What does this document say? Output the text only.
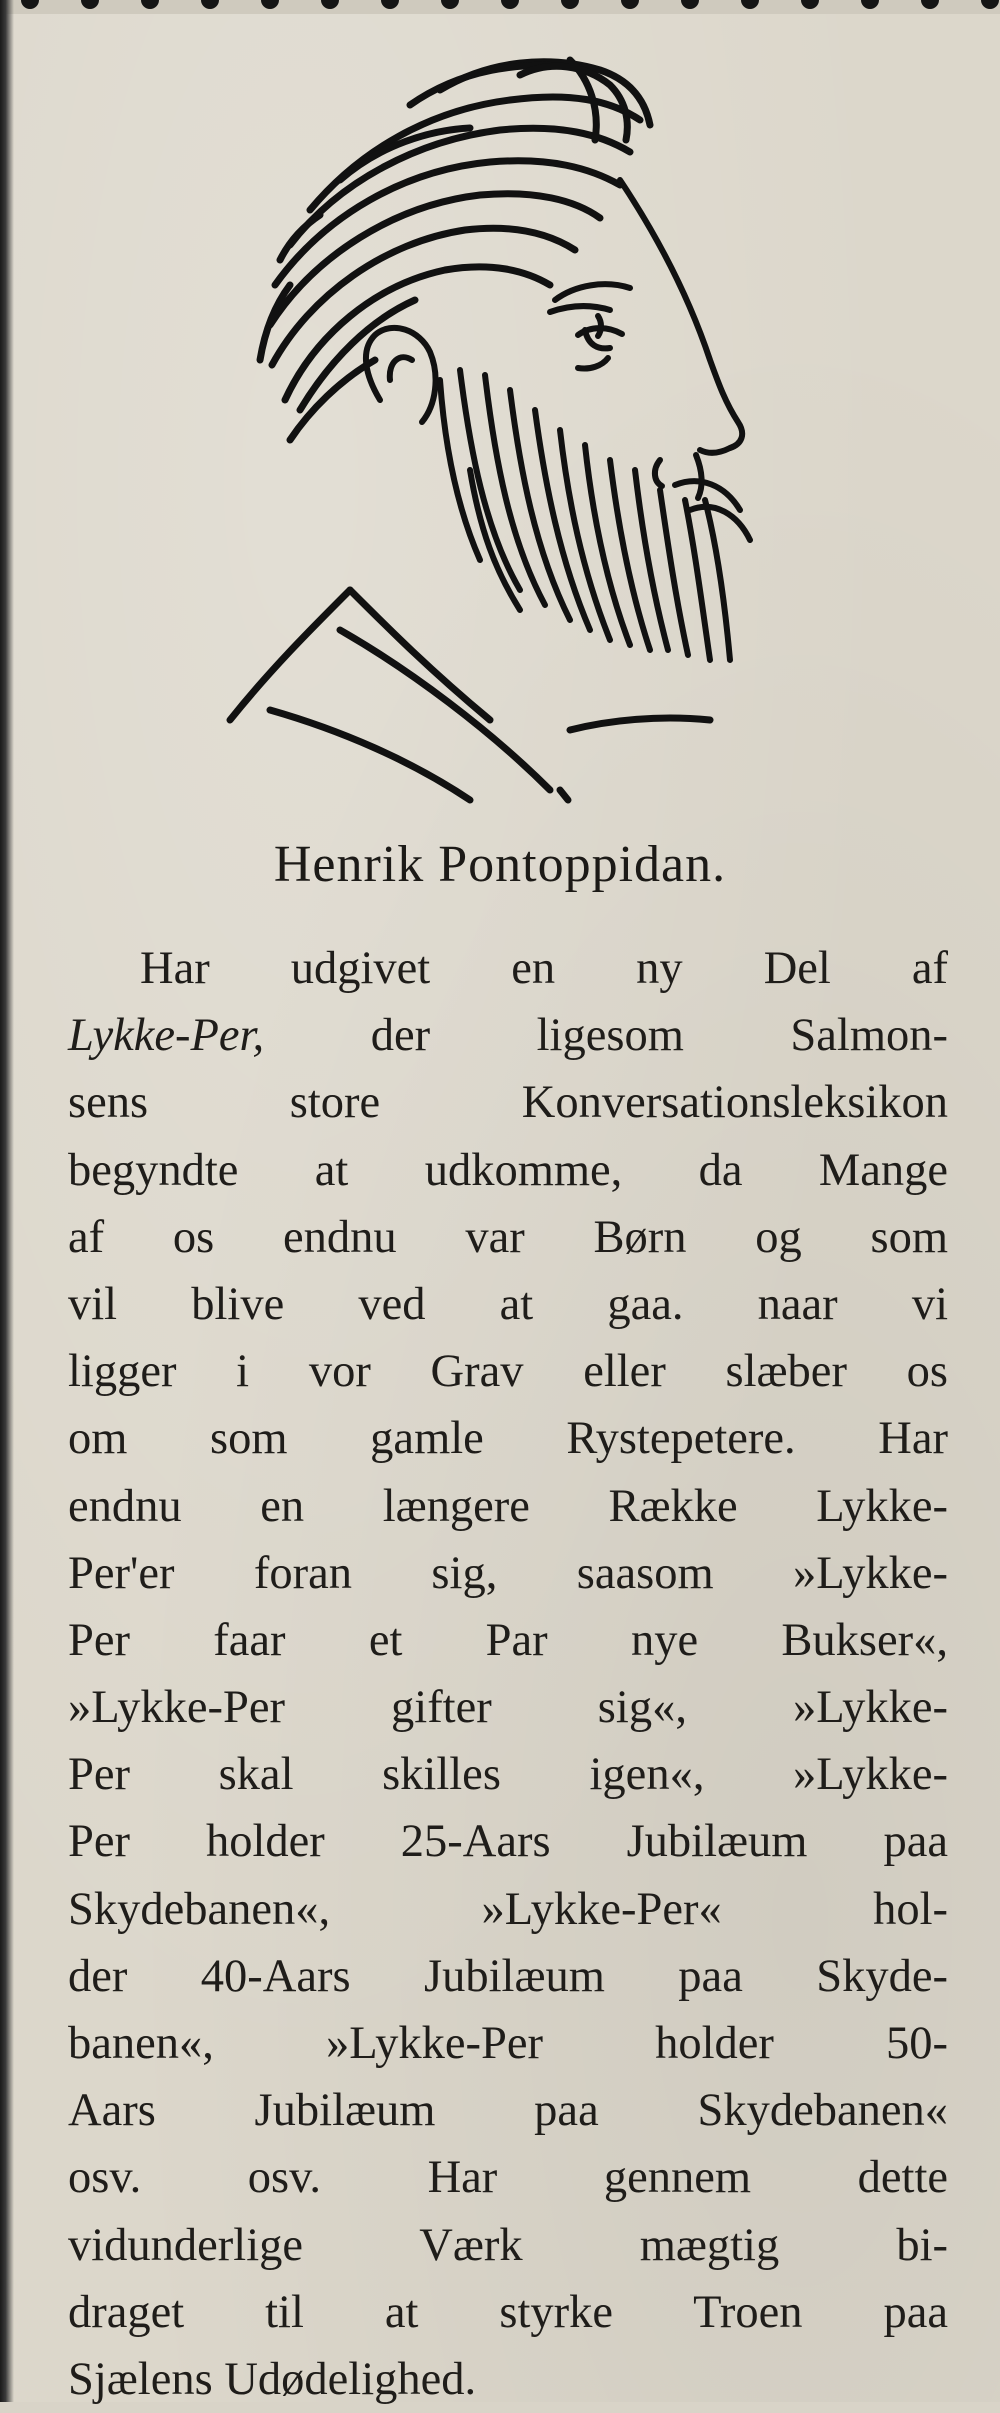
Henrik Pontoppidan.
Har udgivet en ny Del af
Lykke-Per, der ligesom Salmon-
sens store Konversationsleksikon
begyndte at udkomme, da Mange
af os endnu var Børn og som
vil blive ved at gaa. naar vi
ligger i vor Grav eller slæber os
om som gamle Rystepetere. Har
endnu en længere Række Lykke-
Per'er foran sig, saasom »Lykke-
Per faar et Par nye Bukser«,
»Lykke-Per gifter sig«, »Lykke-
Per skal skilles igen«, »Lykke-
Per holder 25-Aars Jubilæum paa
Skydebanen«, »Lykke-Per« hol-
der 40-Aars Jubilæum paa Skyde-
banen«, »Lykke-Per holder 50-
Aars Jubilæum paa Skydebanen«
osv. osv. Har gennem dette
vidunderlige Værk mægtig bi-
draget til at styrke Troen paa
Sjælens Udødelighed.
